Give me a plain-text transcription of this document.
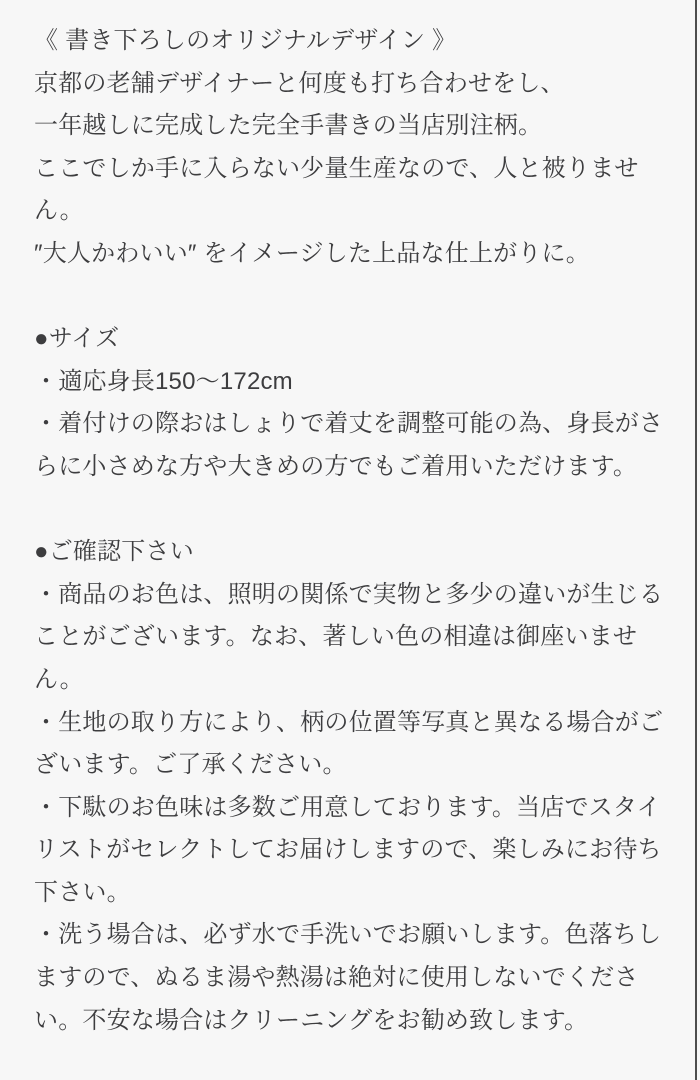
《 書き下ろしのオリジナルデザイン 》
京都の老舗デザイナーと何度も打ち合わせをし、
一年越しに完成した完全手書きの当店別注柄。
ここでしか手に入らない少量生産なので、人と被りませ
ん。
″大人かわいい″ をイメージした上品な仕上がりに。
●サイズ
・適応身長150〜172cm
・着付けの際おはしょりで着丈を調整可能の為、身長がさ
らに小さめな方や大きめの方でもご着用いただけます。
●ご確認下さい
・商品のお色は、照明の関係で実物と多少の違いが生じる
ことがございます。なお、著しい色の相違は御座いませ
ん。
・生地の取り方により、柄の位置等写真と異なる場合がご
ざいます。ご了承ください。
・下駄のお色味は多数ご用意しております。当店でスタイ
リストがセレクトしてお届けしますので、楽しみにお待ち
下さい。
・洗う場合は、必ず水で手洗いでお願いします。色落ちし
ますので、ぬるま湯や熱湯は絶対に使用しないでくださ
い。不安な場合はクリーニングをお勧め致します。
